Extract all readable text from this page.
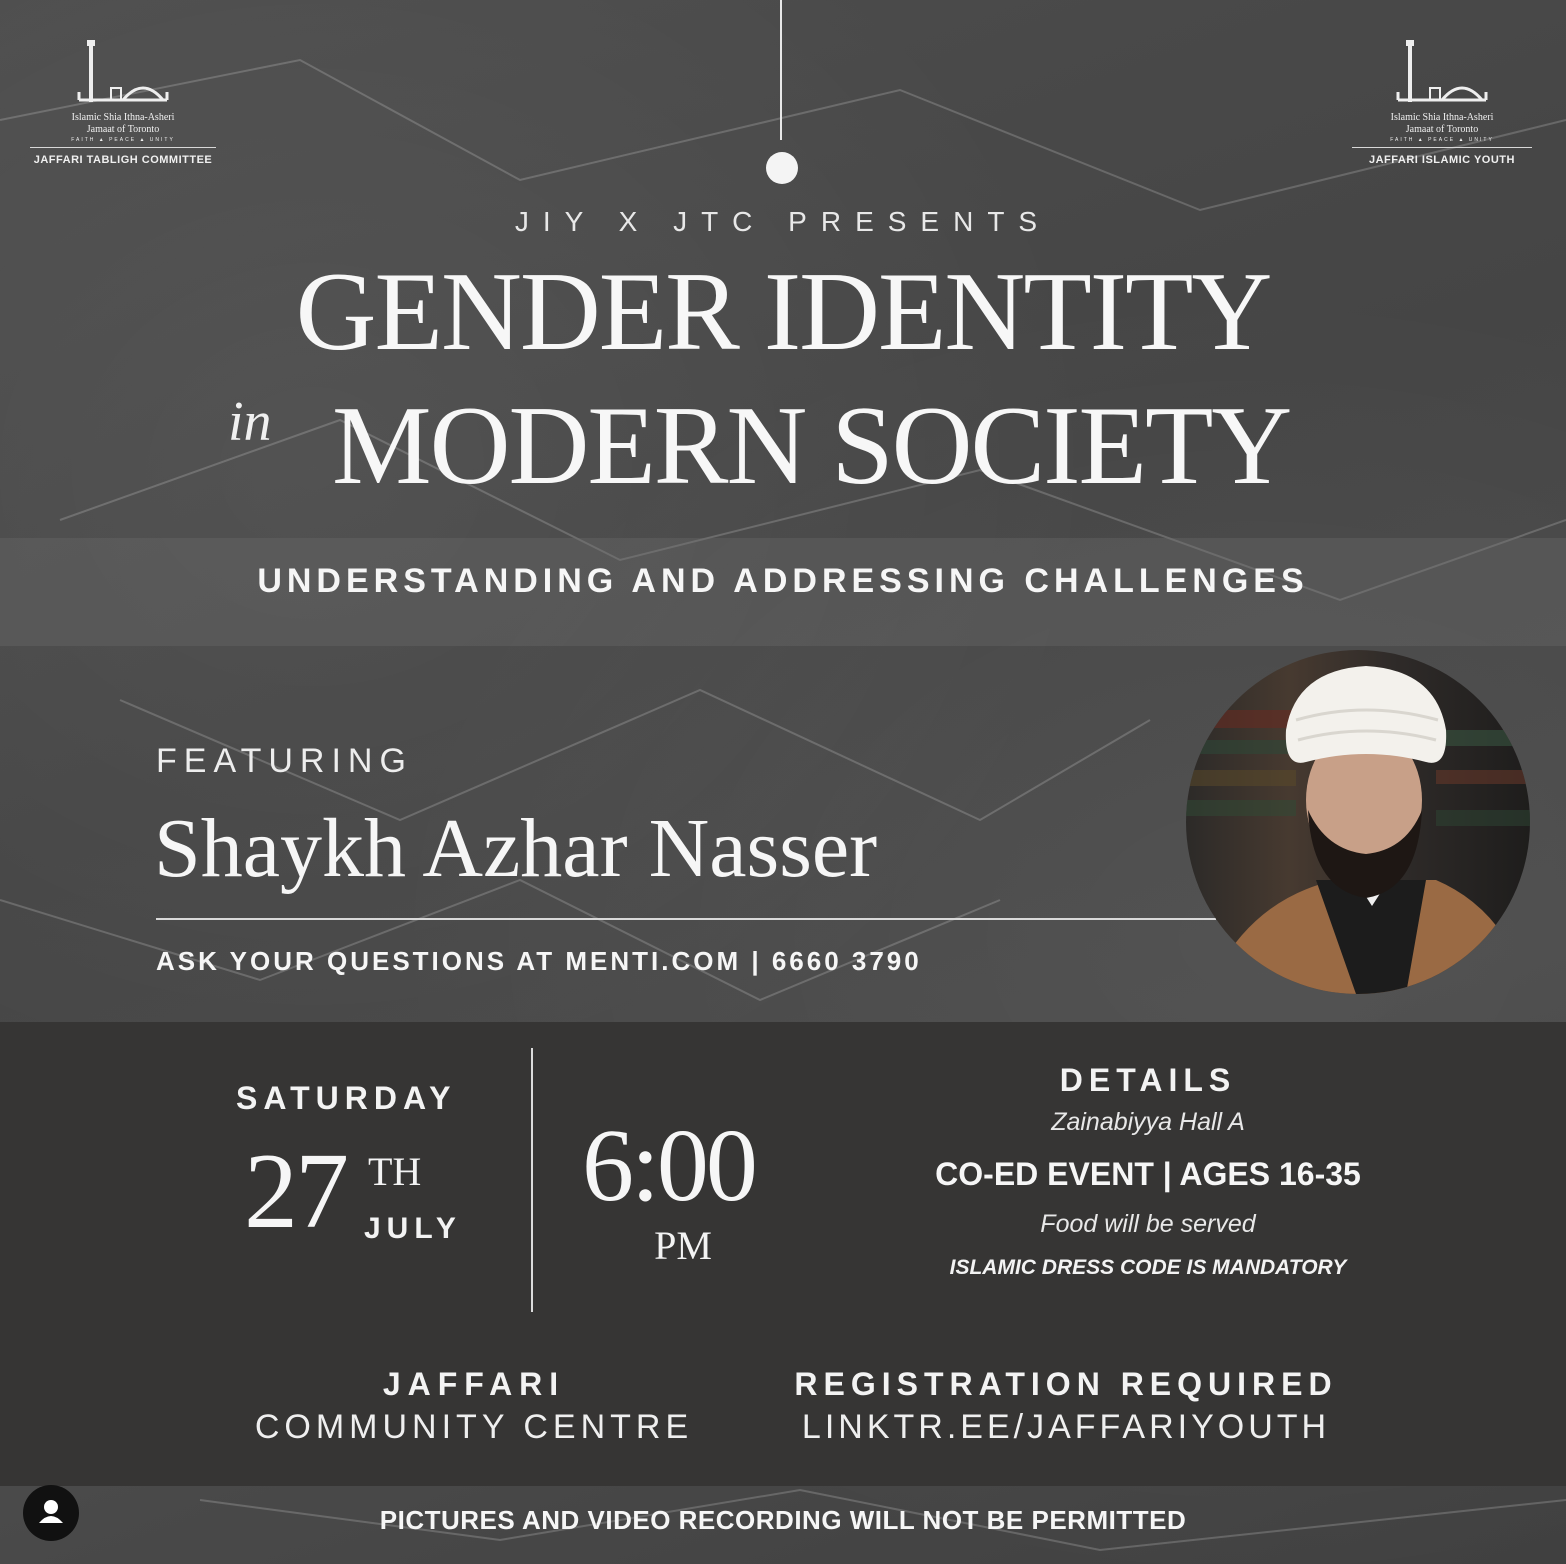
Islamic Shia Ithna-Asheri
Jamaat of Toronto
FAITH ▲ PEACE ▲ UNITY
JAFFARI TABLIGH COMMITTEE
Islamic Shia Ithna-Asheri
Jamaat of Toronto
FAITH ▲ PEACE ▲ UNITY
JAFFARI ISLAMIC YOUTH
JIY X JTC PRESENTS
GENDER IDENTITY
in MODERN SOCIETY
UNDERSTANDING AND ADDRESSING CHALLENGES
FEATURING
Shaykh Azhar Nasser
ASK YOUR QUESTIONS AT MENTI.COM | 6660 3790
SATURDAY
27 TH
JULY
6:00
PM
DETAILS
Zainabiyya Hall A
CO-ED EVENT | AGES 16-35
Food will be served
ISLAMIC DRESS CODE IS MANDATORY
JAFFARI
COMMUNITY CENTRE
REGISTRATION REQUIRED
LINKTR.EE/JAFFARIYOUTH
PICTURES AND VIDEO RECORDING WILL NOT BE PERMITTED
